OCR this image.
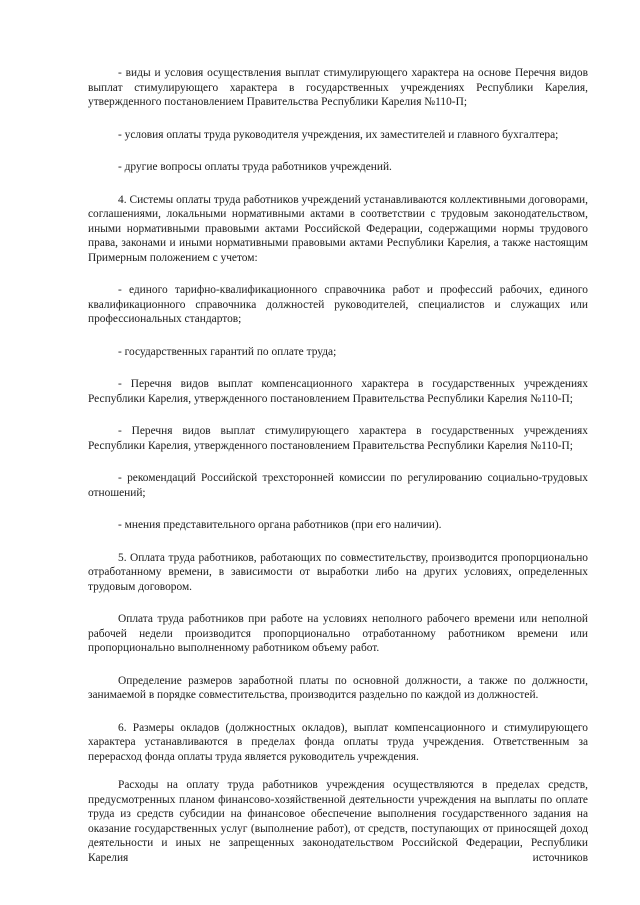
- виды и условия осуществления выплат стимулирующего характера на основе Перечня видов выплат стимулирующего характера в государственных учреждениях Республики Карелия, утвержденного постановлением Правительства Республики Карелия №110-П;

- условия оплаты труда руководителя учреждения, их заместителей и главного бухгалтера;

- другие вопросы оплаты труда работников учреждений.

4. Системы оплаты труда работников учреждений устанавливаются коллективными договорами, соглашениями, локальными нормативными актами в соответствии с трудовым законодательством, иными нормативными правовыми актами Российской Федерации, содержащими нормы трудового права, законами и иными нормативными правовыми актами Республики Карелия, а также настоящим Примерным положением с учетом:

- единого тарифно-квалификационного справочника работ и профессий рабочих, единого квалификационного справочника должностей руководителей, специалистов и служащих или профессиональных стандартов;

- государственных гарантий по оплате труда;

- Перечня видов выплат компенсационного характера в государственных учреждениях Республики Карелия, утвержденного постановлением Правительства Республики Карелия №110-П;

- Перечня видов выплат стимулирующего характера в государственных учреждениях Республики Карелия, утвержденного постановлением Правительства Республики Карелия №110-П;

- рекомендаций Российской трехсторонней комиссии по регулированию социально-трудовых отношений;

- мнения представительного органа работников (при его наличии).

5. Оплата труда работников, работающих по совместительству, производится пропорционально отработанному времени, в зависимости от выработки либо на других условиях, определенных трудовым договором.

Оплата труда работников при работе на условиях неполного рабочего времени или неполной рабочей недели производится пропорционально отработанному работником времени или пропорционально выполненному работником объему работ.

Определение размеров заработной платы по основной должности, а также по должности, занимаемой в порядке совместительства, производится раздельно по каждой из должностей.

6. Размеры окладов (должностных окладов), выплат компенсационного и стимулирующего характера устанавливаются в пределах фонда оплаты труда учреждения. Ответственным за перерасход фонда оплаты труда является руководитель учреждения.

Расходы на оплату труда работников учреждения осуществляются в пределах средств, предусмотренных планом финансово-хозяйственной деятельности учреждения на выплаты по оплате труда из средств субсидии на финансовое обеспечение выполнения государственного задания на оказание государственных услуг (выполнение работ), от средств, поступающих от приносящей доход деятельности и иных не запрещенных законодательством Российской Федерации, Республики Карелия источников
